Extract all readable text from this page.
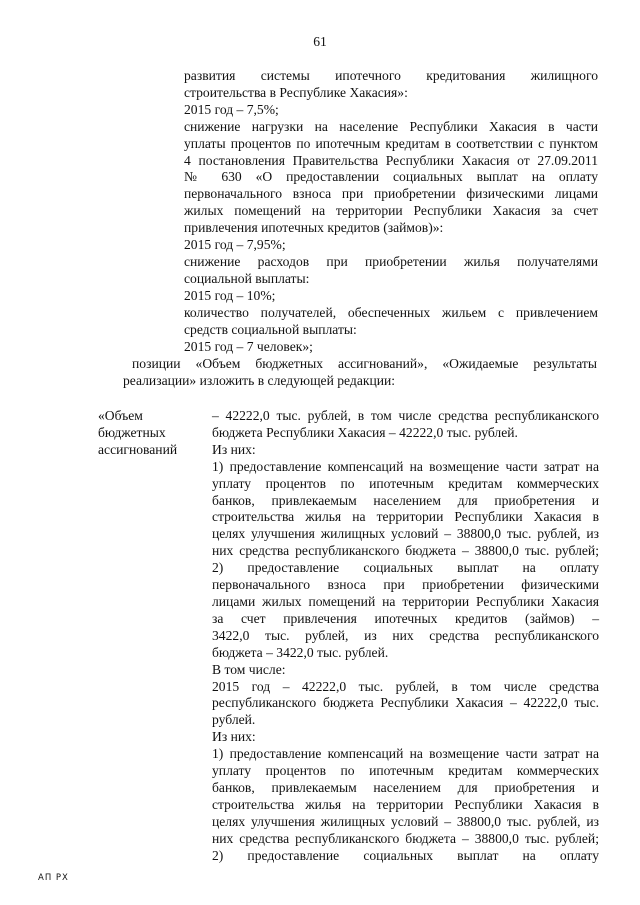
61
развития системы ипотечного кредитования жилищного
строительства в Республике Хакасия»:
2015 год – 7,5%;
снижение нагрузки на население Республики Хакасия в части
уплаты процентов по ипотечным кредитам в соответствии с пунктом
4 постановления Правительства Республики Хакасия от 27.09.2011
№ 630 «О предоставлении социальных выплат на оплату
первоначального взноса при приобретении физическими лицами
жилых помещений на территории Республики Хакасия за счет
привлечения ипотечных кредитов (займов)»:
2015 год – 7,95%;
снижение расходов при приобретении жилья получателями
социальной выплаты:
2015 год – 10%;
количество получателей, обеспеченных жильем с привлечением
средств социальной выплаты:
2015 год – 7 человек»;
позиции «Объем бюджетных ассигнований», «Ожидаемые результаты
реализации» изложить в следующей редакции:
«Объем
бюджетных
ассигнований
– 42222,0 тыс. рублей, в том числе средства республиканского
бюджета Республики Хакасия – 42222,0 тыс. рублей.
Из них:
1) предоставление компенсаций на возмещение части затрат на
уплату процентов по ипотечным кредитам коммерческих
банков, привлекаемым населением для приобретения и
строительства жилья на территории Республики Хакасия в
целях улучшения жилищных условий – 38800,0 тыс. рублей, из
них средства республиканского бюджета – 38800,0 тыс. рублей;
2) предоставление социальных выплат на оплату
первоначального взноса при приобретении физическими
лицами жилых помещений на территории Республики Хакасия
за счет привлечения ипотечных кредитов (займов) –
3422,0 тыс. рублей, из них средства республиканского
бюджета – 3422,0 тыс. рублей.
В том числе:
2015 год – 42222,0 тыс. рублей, в том числе средства
республиканского бюджета Республики Хакасия – 42222,0 тыс.
рублей.
Из них:
1) предоставление компенсаций на возмещение части затрат на
уплату процентов по ипотечным кредитам коммерческих
банков, привлекаемым населением для приобретения и
строительства жилья на территории Республики Хакасия в
целях улучшения жилищных условий – 38800,0 тыс. рублей, из
них средства республиканского бюджета – 38800,0 тыс. рублей;
2) предоставление социальных выплат на оплату
АП РХ
